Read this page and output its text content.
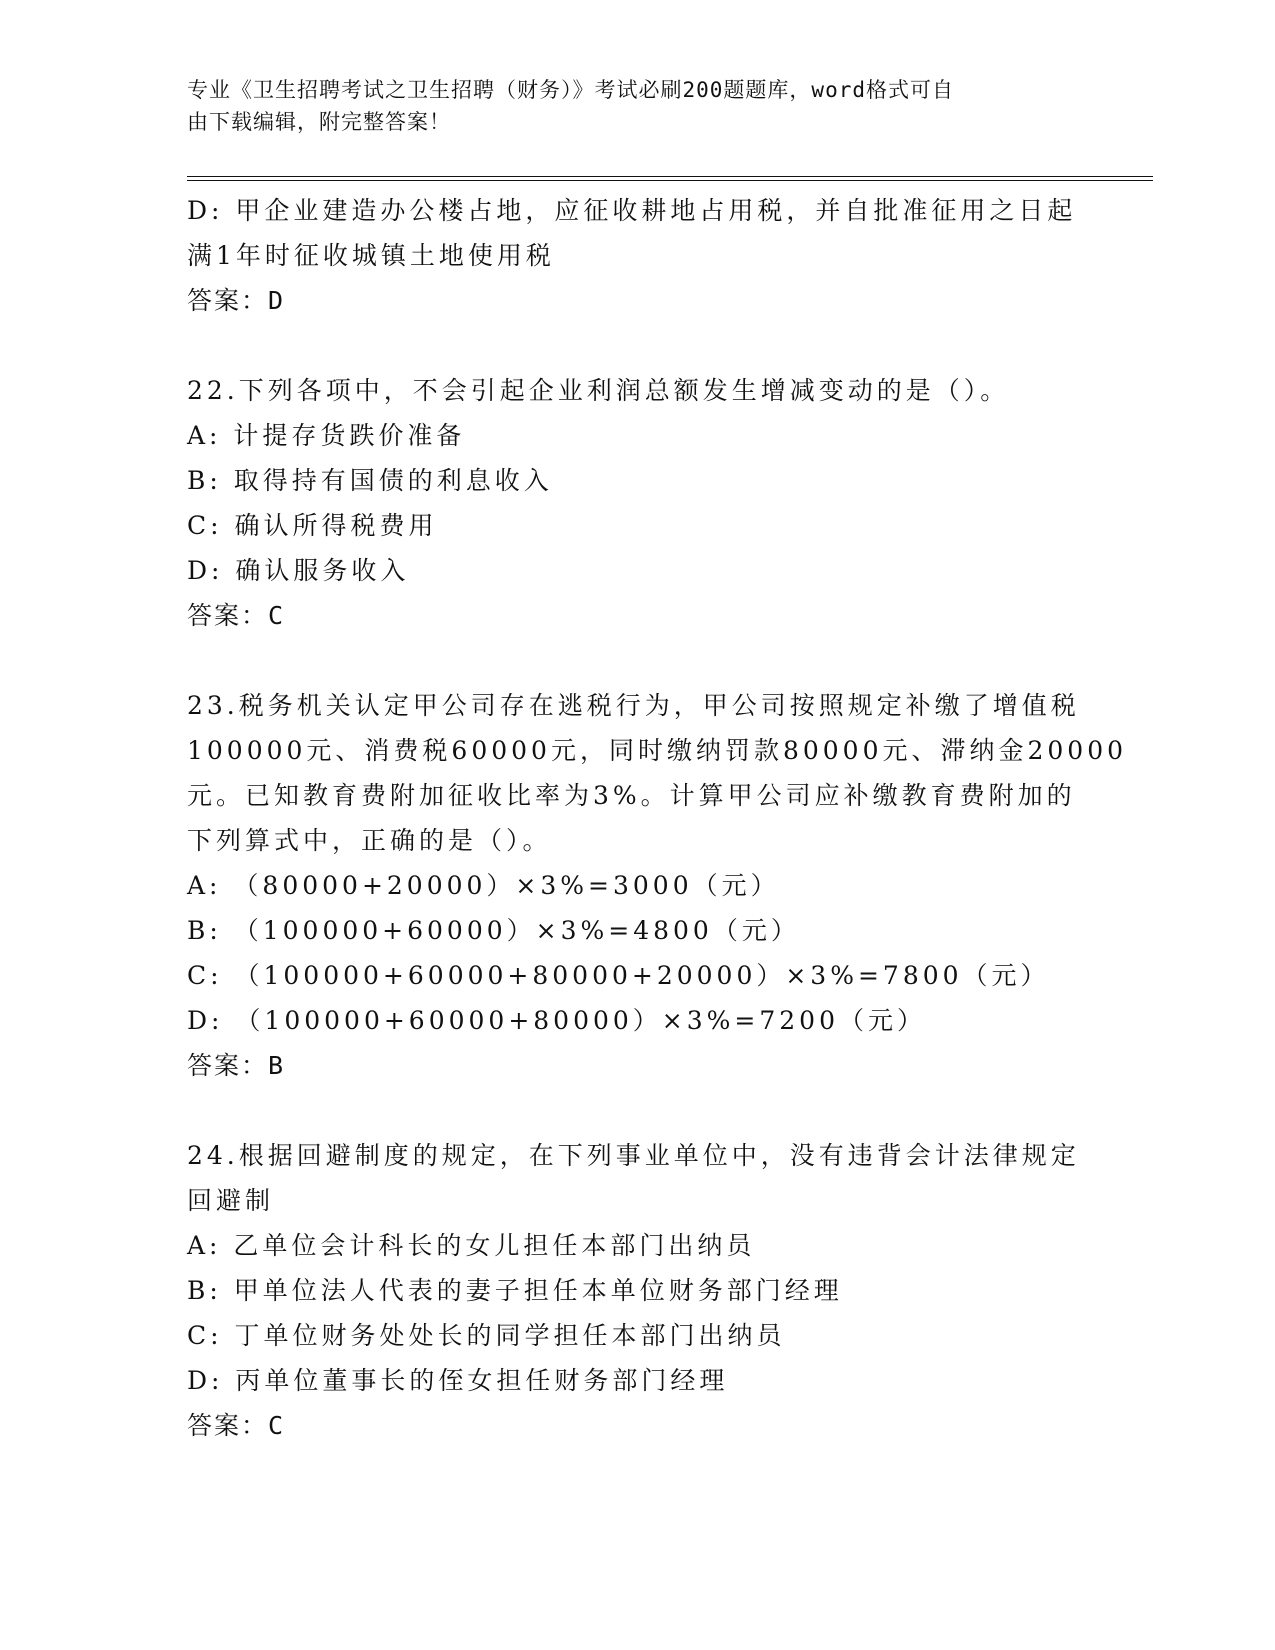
专业《卫生招聘考试之卫生招聘（财务）》考试必刷200题题库，word格式可自
由下载编辑，附完整答案！
D: 甲企业建造办公楼占地，应征收耕地占用税，并自批准征用之日起
满1年时征收城镇土地使用税
答案：D
22.下列各项中，不会引起企业利润总额发生增减变动的是（）。
A: 计提存货跌价准备
B: 取得持有国债的利息收入
C: 确认所得税费用
D: 确认服务收入
答案：C
23.税务机关认定甲公司存在逃税行为，甲公司按照规定补缴了增值税
100000元、消费税60000元，同时缴纳罚款80000元、滞纳金20000
元。已知教育费附加征收比率为3%。计算甲公司应补缴教育费附加的
下列算式中，正确的是（）。
A: （80000+20000）×3%=3000（元）
B: （100000+60000）×3%=4800（元）
C: （100000+60000+80000+20000）×3%=7800（元）
D: （100000+60000+80000）×3%=7200（元）
答案：B
24.根据回避制度的规定，在下列事业单位中，没有违背会计法律规定
回避制
A: 乙单位会计科长的女儿担任本部门出纳员
B: 甲单位法人代表的妻子担任本单位财务部门经理
C: 丁单位财务处处长的同学担任本部门出纳员
D: 丙单位董事长的侄女担任财务部门经理
答案：C
